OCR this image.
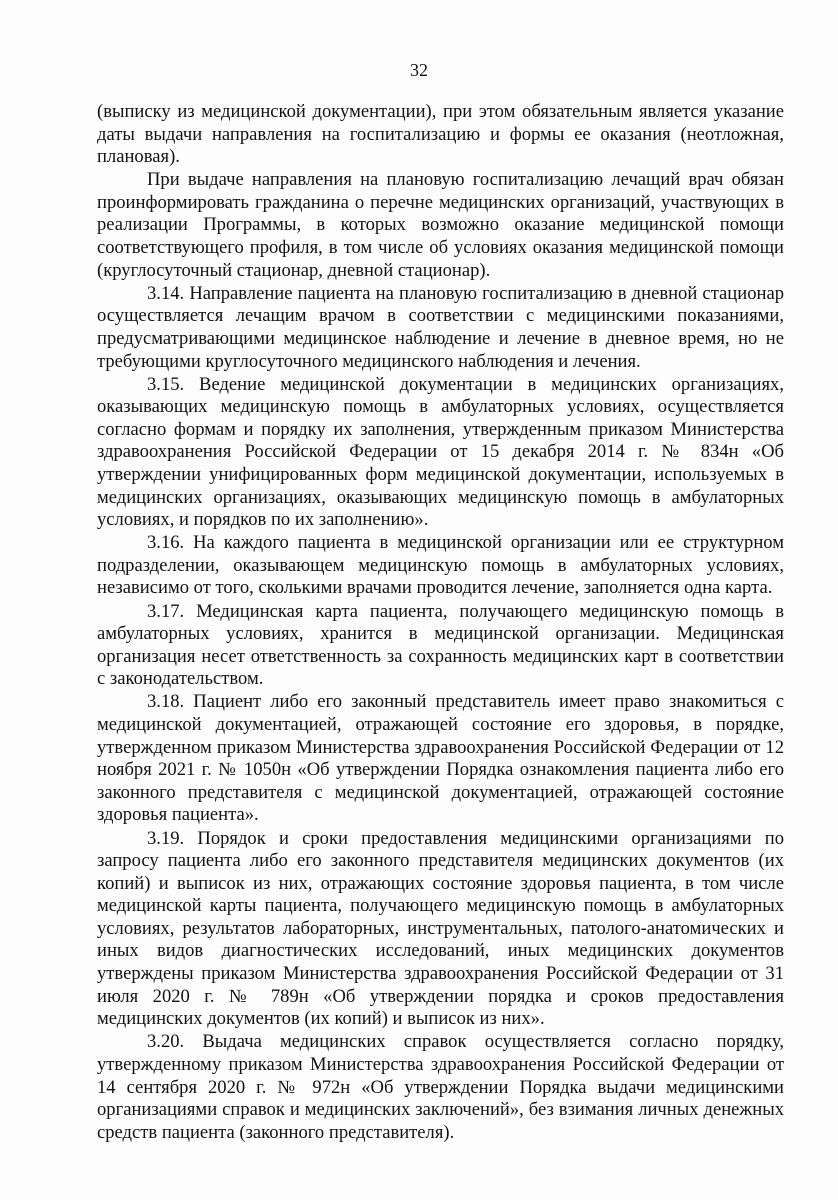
32

(выписку из медицинской документации), при этом обязательным является указание даты выдачи направления на госпитализацию и формы ее оказания (неотложная, плановая).

При выдаче направления на плановую госпитализацию лечащий врач обязан проинформировать гражданина о перечне медицинских организаций, участвующих в реализации Программы, в которых возможно оказание медицинской помощи соответствующего профиля, в том числе об условиях оказания медицинской помощи (круглосуточный стационар, дневной стационар).

3.14. Направление пациента на плановую госпитализацию в дневной стационар осуществляется лечащим врачом в соответствии с медицинскими показаниями, предусматривающими медицинское наблюдение и лечение в дневное время, но не требующими круглосуточного медицинского наблюдения и лечения.

3.15. Ведение медицинской документации в медицинских организациях, оказывающих медицинскую помощь в амбулаторных условиях, осуществляется согласно формам и порядку их заполнения, утвержденным приказом Министерства здравоохранения Российской Федерации от 15 декабря 2014 г. № 834н «Об утверждении унифицированных форм медицинской документации, используемых в медицинских организациях, оказывающих медицинскую помощь в амбулаторных условиях, и порядков по их заполнению».

3.16. На каждого пациента в медицинской организации или ее структурном подразделении, оказывающем медицинскую помощь в амбулаторных условиях, независимо от того, сколькими врачами проводится лечение, заполняется одна карта.

3.17. Медицинская карта пациента, получающего медицинскую помощь в амбулаторных условиях, хранится в медицинской организации. Медицинская организация несет ответственность за сохранность медицинских карт в соответствии с законодательством.

3.18. Пациент либо его законный представитель имеет право знакомиться с медицинской документацией, отражающей состояние его здоровья, в порядке, утвержденном приказом Министерства здравоохранения Российской Федерации от 12 ноября 2021 г. № 1050н «Об утверждении Порядка ознакомления пациента либо его законного представителя с медицинской документацией, отражающей состояние здоровья пациента».

3.19. Порядок и сроки предоставления медицинскими организациями по запросу пациента либо его законного представителя медицинских документов (их копий) и выписок из них, отражающих состояние здоровья пациента, в том числе медицинской карты пациента, получающего медицинскую помощь в амбулаторных условиях, результатов лабораторных, инструментальных, патолого-анатомических и иных видов диагностических исследований, иных медицинских документов утверждены приказом Министерства здравоохранения Российской Федерации от 31 июля 2020 г. № 789н «Об утверждении порядка и сроков предоставления медицинских документов (их копий) и выписок из них».

3.20. Выдача медицинских справок осуществляется согласно порядку, утвержденному приказом Министерства здравоохранения Российской Федерации от 14 сентября 2020 г. № 972н «Об утверждении Порядка выдачи медицинскими организациями справок и медицинских заключений», без взимания личных денежных средств пациента (законного представителя).
